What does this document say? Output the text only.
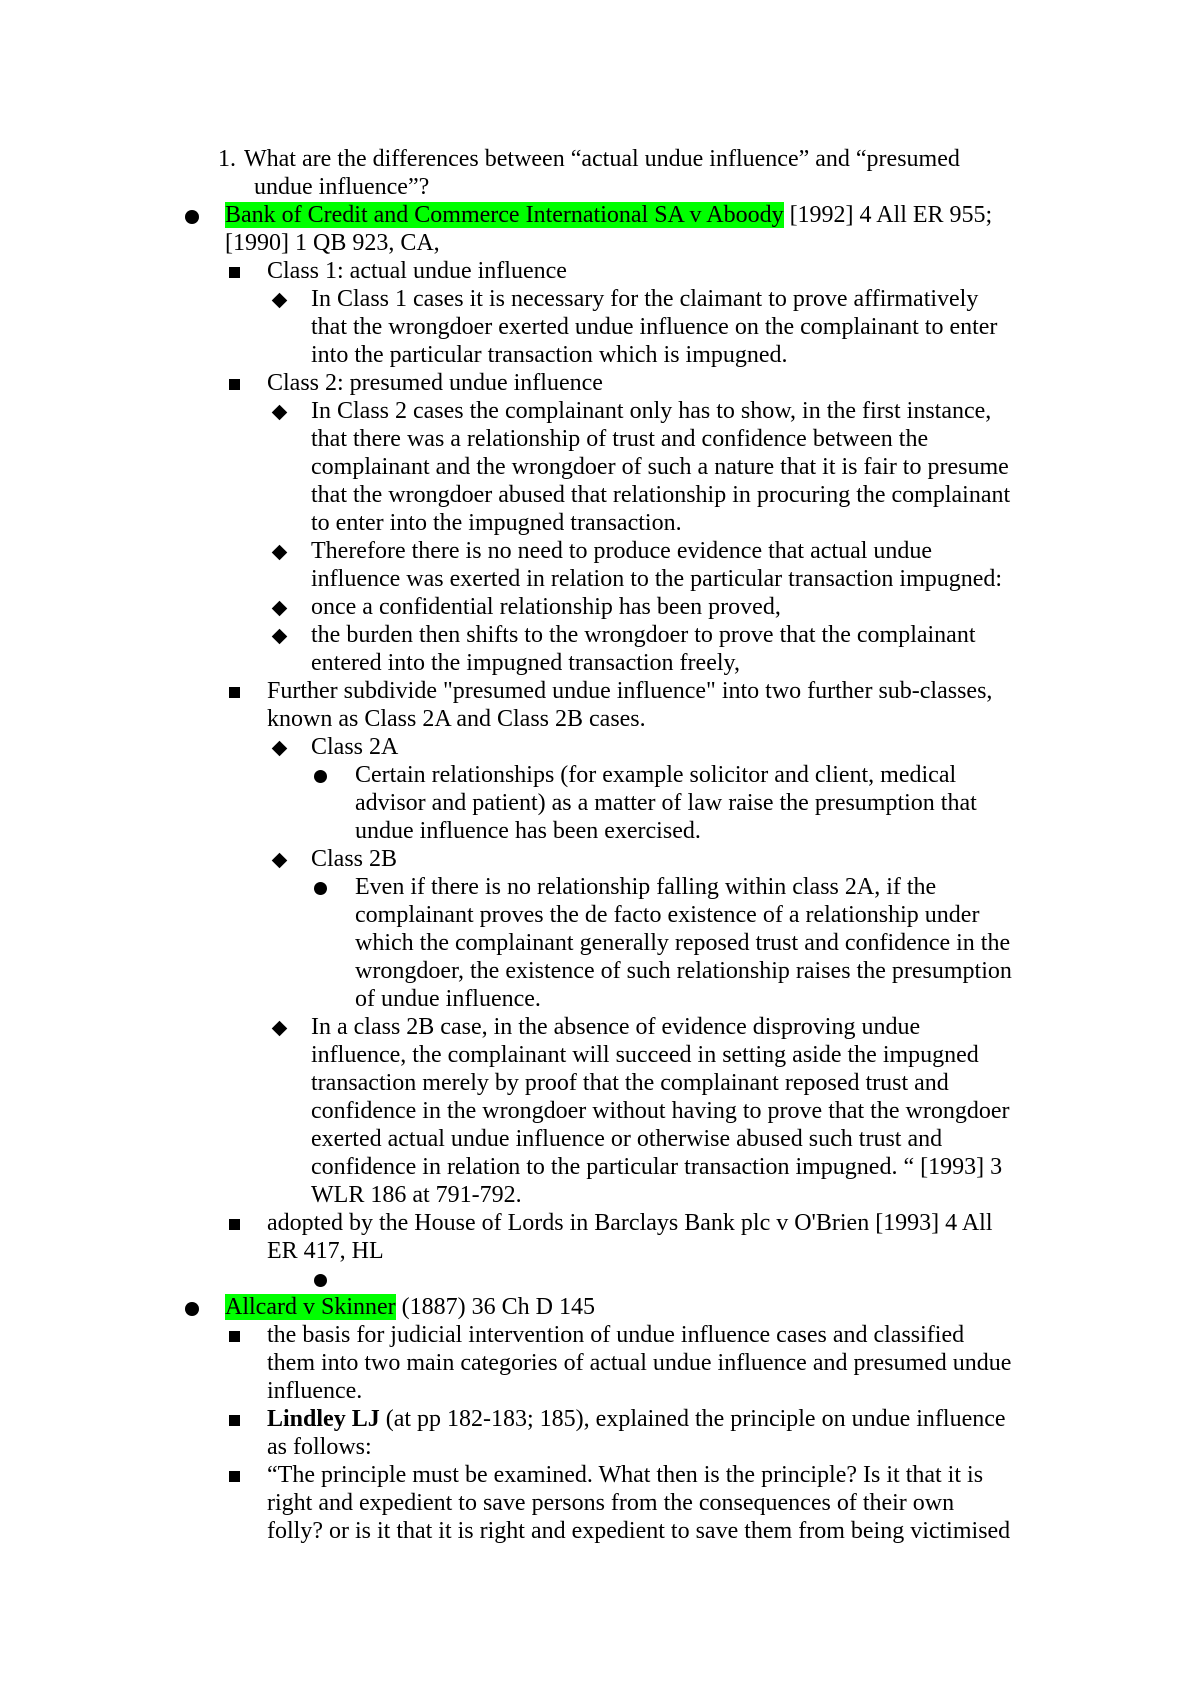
1. What are the differences between “actual undue influence” and “presumed
undue influence”?
Bank of Credit and Commerce International SA v Aboody [1992] 4 All ER 955;
[1990] 1 QB 923, CA,
Class 1: actual undue influence
In Class 1 cases it is necessary for the claimant to prove affirmatively
that the wrongdoer exerted undue influence on the complainant to enter
into the particular transaction which is impugned.
Class 2: presumed undue influence
In Class 2 cases the complainant only has to show, in the first instance,
that there was a relationship of trust and confidence between the
complainant and the wrongdoer of such a nature that it is fair to presume
that the wrongdoer abused that relationship in procuring the complainant
to enter into the impugned transaction.
Therefore there is no need to produce evidence that actual undue
influence was exerted in relation to the particular transaction impugned:
once a confidential relationship has been proved,
the burden then shifts to the wrongdoer to prove that the complainant
entered into the impugned transaction freely,
Further subdivide "presumed undue influence" into two further sub-classes,
known as Class 2A and Class 2B cases.
Class 2A
Certain relationships (for example solicitor and client, medical
advisor and patient) as a matter of law raise the presumption that
undue influence has been exercised.
Class 2B
Even if there is no relationship falling within class 2A, if the
complainant proves the de facto existence of a relationship under
which the complainant generally reposed trust and confidence in the
wrongdoer, the existence of such relationship raises the presumption
of undue influence.
In a class 2B case, in the absence of evidence disproving undue
influence, the complainant will succeed in setting aside the impugned
transaction merely by proof that the complainant reposed trust and
confidence in the wrongdoer without having to prove that the wrongdoer
exerted actual undue influence or otherwise abused such trust and
confidence in relation to the particular transaction impugned. “ [1993] 3
WLR 186 at 791-792.
adopted by the House of Lords in Barclays Bank plc v O'Brien [1993] 4 All
ER 417, HL
Allcard v Skinner (1887) 36 Ch D 145
the basis for judicial intervention of undue influence cases and classified
them into two main categories of actual undue influence and presumed undue
influence.
Lindley LJ (at pp 182-183; 185), explained the principle on undue influence
as follows:
“The principle must be examined. What then is the principle? Is it that it is
right and expedient to save persons from the consequences of their own
folly? or is it that it is right and expedient to save them from being victimised
